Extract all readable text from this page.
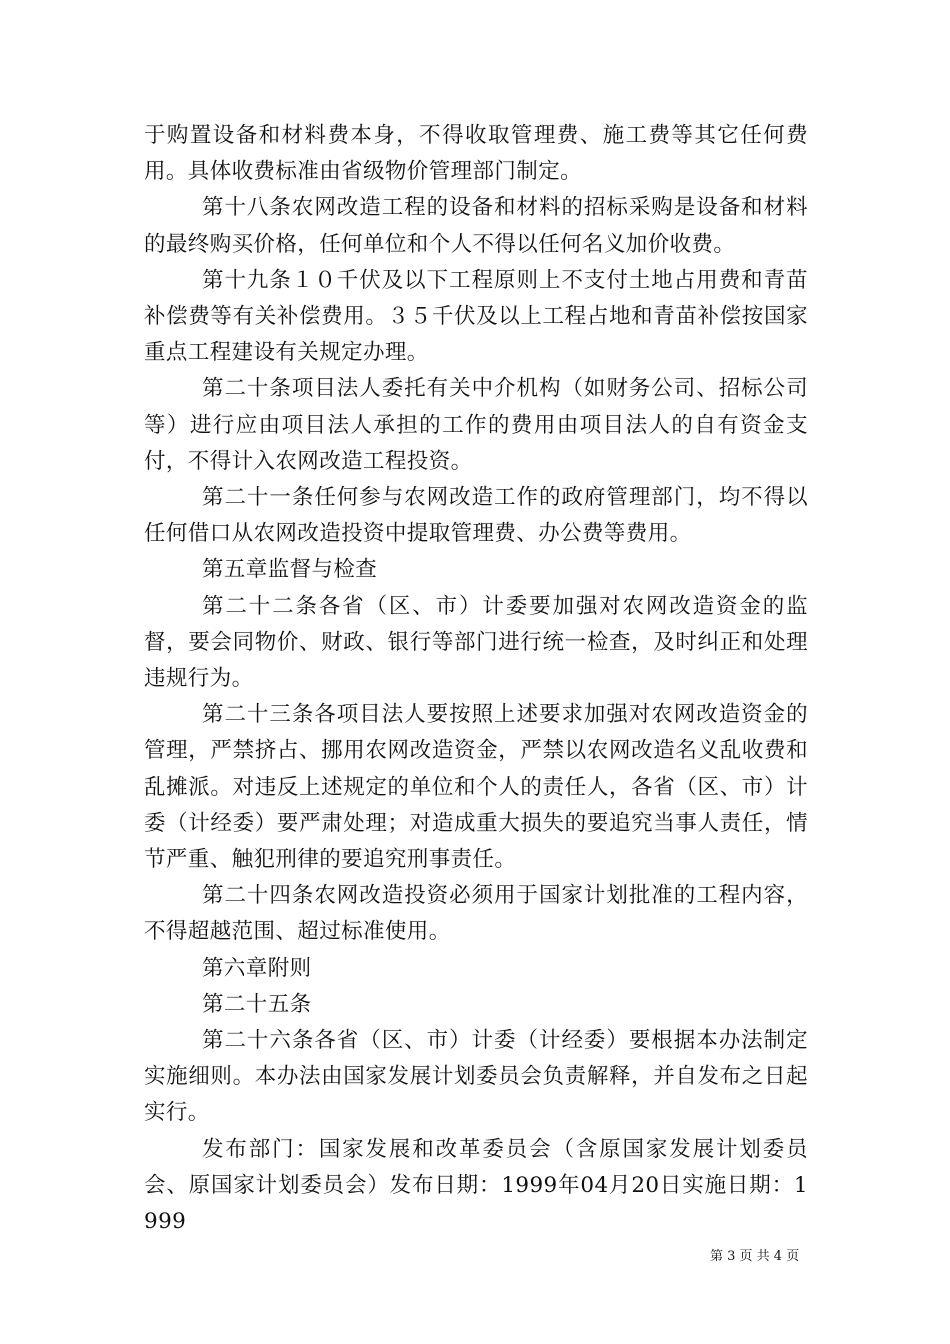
于购置设备和材料费本身，不得收取管理费、施工费等其它任何费用。具体收费标准由省级物价管理部门制定。

第十八条农网改造工程的设备和材料的招标采购是设备和材料的最终购买价格，任何单位和个人不得以任何名义加价收费。

第十九条１０千伏及以下工程原则上不支付土地占用费和青苗补偿费等有关补偿费用。３５千伏及以上工程占地和青苗补偿按国家重点工程建设有关规定办理。

第二十条项目法人委托有关中介机构（如财务公司、招标公司等）进行应由项目法人承担的工作的费用由项目法人的自有资金支付，不得计入农网改造工程投资。

第二十一条任何参与农网改造工作的政府管理部门，均不得以任何借口从农网改造投资中提取管理费、办公费等费用。

第五章监督与检查

第二十二条各省（区、市）计委要加强对农网改造资金的监督，要会同物价、财政、银行等部门进行统一检查，及时纠正和处理违规行为。

第二十三条各项目法人要按照上述要求加强对农网改造资金的管理，严禁挤占、挪用农网改造资金，严禁以农网改造名义乱收费和乱摊派。对违反上述规定的单位和个人的责任人，各省（区、市）计委（计经委）要严肃处理；对造成重大损失的要追究当事人责任，情节严重、触犯刑律的要追究刑事责任。

第二十四条农网改造投资必须用于国家计划批准的工程内容，不得超越范围、超过标准使用。

第六章附则

第二十五条

第二十六条各省（区、市）计委（计经委）要根据本办法制定实施细则。本办法由国家发展计划委员会负责解释，并自发布之日起实行。

发布部门：国家发展和改革委员会（含原国家发展计划委员会、原国家计划委员会）发布日期：1999年04月20日实施日期：1999

第 3 页 共 4 页
